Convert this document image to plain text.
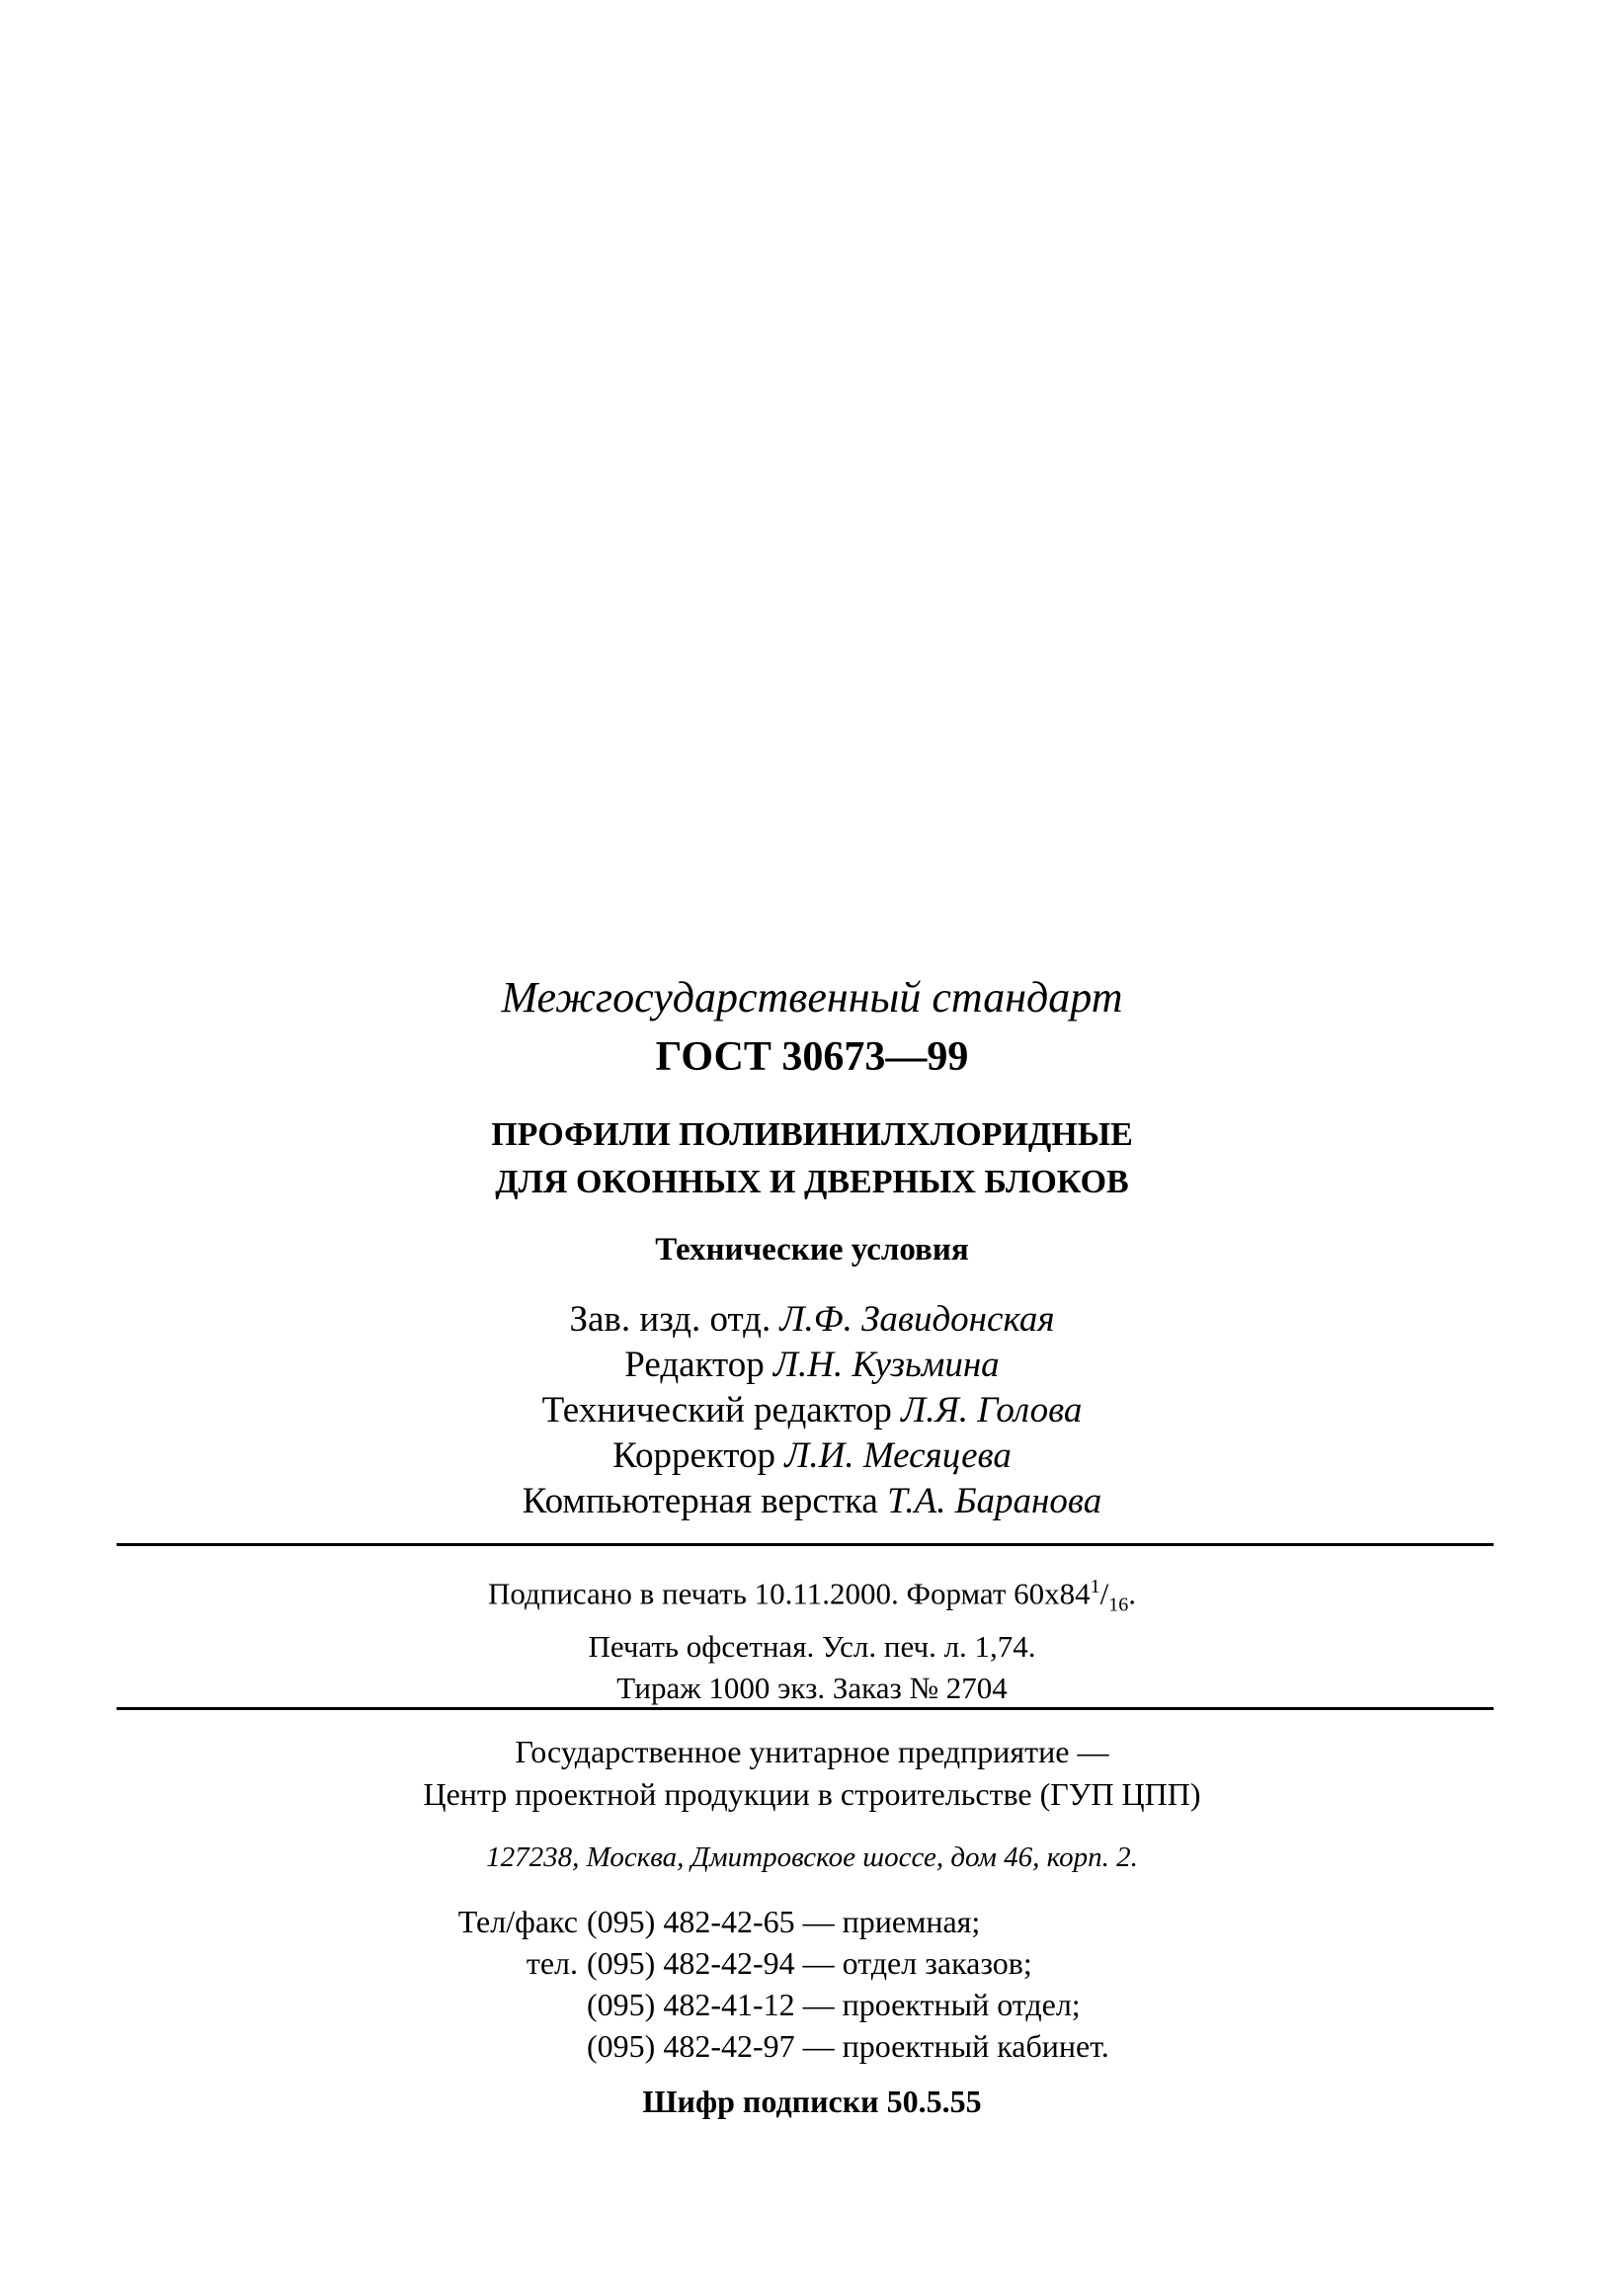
Межгосударственный стандарт
ГОСТ 30673—99
ПРОФИЛИ ПОЛИВИНИЛХЛОРИДНЫЕ
ДЛЯ ОКОННЫХ И ДВЕРНЫХ БЛОКОВ
Технические условия
Зав. изд. отд. Л.Ф. Завидонская
Редактор Л.Н. Кузьмина
Технический редактор Л.Я. Голова
Корректор Л.И. Месяцева
Компьютерная верстка Т.А. Баранова
Подписано в печать 10.11.2000. Формат $60х84^1/_{16}$.
Печать офсетная. Усл. печ. л. 1,74.
Тираж 1000 экз. Заказ № 2704
Государственное унитарное предприятие —
Центр проектной продукции в строительстве (ГУП ЦПП)
127238, Москва, Дмитровское шоссе, дом 46, корп. 2.
Тел/факс (095) 482-42-65 — приемная;
тел. (095) 482-42-94 — отдел заказов;
(095) 482-41-12 — проектный отдел;
(095) 482-42-97 — проектный кабинет.
Шифр подписки 50.5.55
